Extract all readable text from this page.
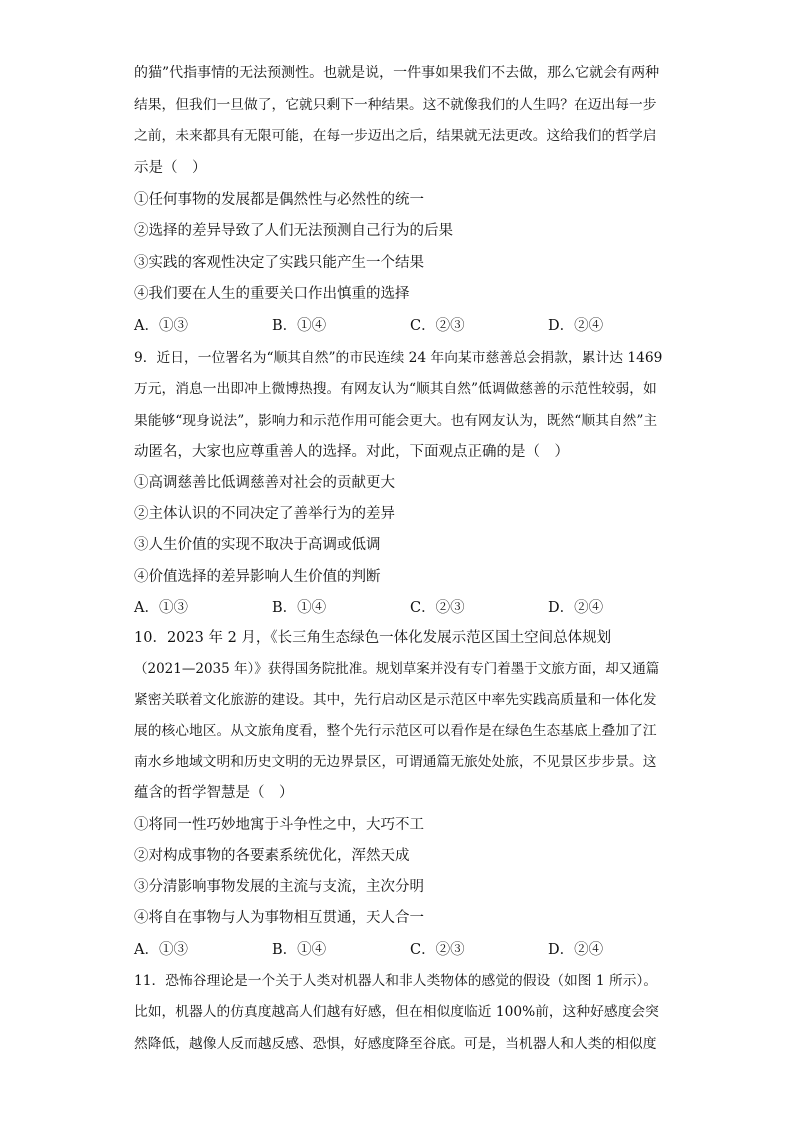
的猫”代指事情的无法预测性。也就是说，一件事如果我们不去做，那么它就会有两种
结果，但我们一旦做了，它就只剩下一种结果。这不就像我们的人生吗？在迈出每一步
之前，未来都具有无限可能，在每一步迈出之后，结果就无法更改。这给我们的哲学启
示是（　）
①任何事物的发展都是偶然性与必然性的统一
②选择的差异导致了人们无法预测自己行为的后果
③实践的客观性决定了实践只能产生一个结果
④我们要在人生的重要关口作出慎重的选择
A．①③	B．①④	C．②③	D．②④
9．近日，一位署名为“顺其自然”的市民连续 24 年向某市慈善总会捐款，累计达 1469
万元，消息一出即冲上微博热搜。有网友认为“顺其自然”低调做慈善的示范性较弱，如
果能够“现身说法”，影响力和示范作用可能会更大。也有网友认为，既然“顺其自然”主
动匿名，大家也应尊重善人的选择。对此，下面观点正确的是（　）
①高调慈善比低调慈善对社会的贡献更大
②主体认识的不同决定了善举行为的差异
③人生价值的实现不取决于高调或低调
④价值选择的差异影响人生价值的判断
A．①③	B．①④	C．②③	D．②④
10．2023 年 2 月，《长三角生态绿色一体化发展示范区国土空间总体规划
（2021—2035 年）》获得国务院批准。规划草案并没有专门着墨于文旅方面，却又通篇
紧密关联着文化旅游的建设。其中，先行启动区是示范区中率先实践高质量和一体化发
展的核心地区。从文旅角度看，整个先行示范区可以看作是在绿色生态基底上叠加了江
南水乡地域文明和历史文明的无边界景区，可谓通篇无旅处处旅，不见景区步步景。这
蕴含的哲学智慧是（　）
①将同一性巧妙地寓于斗争性之中，大巧不工
②对构成事物的各要素系统优化，浑然天成
③分清影响事物发展的主流与支流，主次分明
④将自在事物与人为事物相互贯通，天人合一
A．①③	B．①④	C．②③	D．②④
11．恐怖谷理论是一个关于人类对机器人和非人类物体的感觉的假设（如图 1 所示）。
比如，机器人的仿真度越高人们越有好感，但在相似度临近 100%前，这种好感度会突
然降低，越像人反而越反感、恐惧，好感度降至谷底。可是，当机器人和人类的相似度
